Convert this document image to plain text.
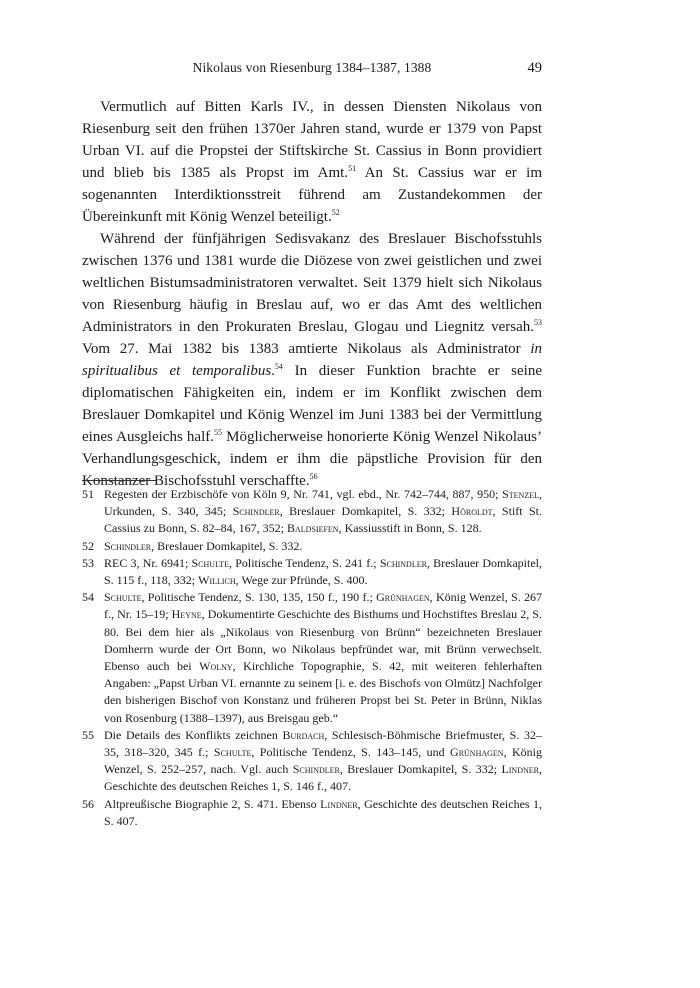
Nikolaus von Riesenburg 1384–1387, 1388	49

Vermutlich auf Bitten Karls IV., in dessen Diensten Nikolaus von Riesenburg seit den frühen 1370er Jahren stand, wurde er 1379 von Papst Urban VI. auf die Propstei der Stiftskirche St. Cassius in Bonn providiert und blieb bis 1385 als Propst im Amt.$^{51}$ An St. Cassius war er im sogenannten Interdiktionsstreit führend am Zustandekommen der Übereinkunft mit König Wenzel beteiligt.$^{52}$

Während der fünfjährigen Sedisvakanz des Breslauer Bischofsstuhls zwischen 1376 und 1381 wurde die Diözese von zwei geistlichen und zwei weltlichen Bistumsadministratoren verwaltet. Seit 1379 hielt sich Nikolaus von Riesenburg häufig in Breslau auf, wo er das Amt des weltlichen Administrators in den Prokuraten Breslau, Glogau und Liegnitz versah.$^{53}$ Vom 27. Mai 1382 bis 1383 amtierte Nikolaus als Administrator in spiritualibus et temporalibus.$^{54}$ In dieser Funktion brachte er seine diplomatischen Fähigkeiten ein, indem er im Konflikt zwischen dem Breslauer Domkapitel und König Wenzel im Juni 1383 bei der Vermittlung eines Ausgleichs half.$^{55}$ Möglicherweise honorierte König Wenzel Nikolaus’ Verhandlungsgeschick, indem er ihm die päpstliche Provision für den Konstanzer Bischofsstuhl verschaffte.$^{56}$

51 Regesten der Erzbischöfe von Köln 9, Nr. 741, vgl. ebd., Nr. 742–744, 887, 950; Stenzel, Urkunden, S. 340, 345; Schindler, Breslauer Domkapitel, S. 332; Höroldt, Stift St. Cassius zu Bonn, S. 82–84, 167, 352; Baldsiefen, Kassiusstift in Bonn, S. 128.
52 Schindler, Breslauer Domkapitel, S. 332.
53 REC 3, Nr. 6941; Schulte, Politische Tendenz, S. 241 f.; Schindler, Breslauer Domkapitel, S. 115 f., 118, 332; Willich, Wege zur Pfründe, S. 400.
54 Schulte, Politische Tendenz, S. 130, 135, 150 f., 190 f.; Grünhagen, König Wenzel, S. 267 f., Nr. 15–19; Heyne, Dokumentirte Geschichte des Bisthums und Hochstiftes Breslau 2, S. 80. Bei dem hier als „Nikolaus von Riesenburg von Brünn“ bezeichneten Breslauer Domherrn wurde der Ort Bonn, wo Nikolaus bepfründet war, mit Brünn verwechselt. Ebenso auch bei Wolny, Kirchliche Topographie, S. 42, mit weiteren fehlerhaften Angaben: „Papst Urban VI. ernannte zu seinem [i. e. des Bischofs von Olmütz] Nachfolger den bisherigen Bischof von Konstanz und früheren Propst bei St. Peter in Brünn, Niklas von Rosenburg (1388–1397), aus Breisgau geb.“
55 Die Details des Konflikts zeichnen Burdach, Schlesisch-Böhmische Briefmuster, S. 32–35, 318–320, 345 f.; Schulte, Politische Tendenz, S. 143–145, und Grünhagen, König Wenzel, S. 252–257, nach. Vgl. auch Schindler, Breslauer Domkapitel, S. 332; Lindner, Geschichte des deutschen Reiches 1, S. 146 f., 407.
56 Altpreußische Biographie 2, S. 471. Ebenso Lindner, Geschichte des deutschen Reiches 1, S. 407.
